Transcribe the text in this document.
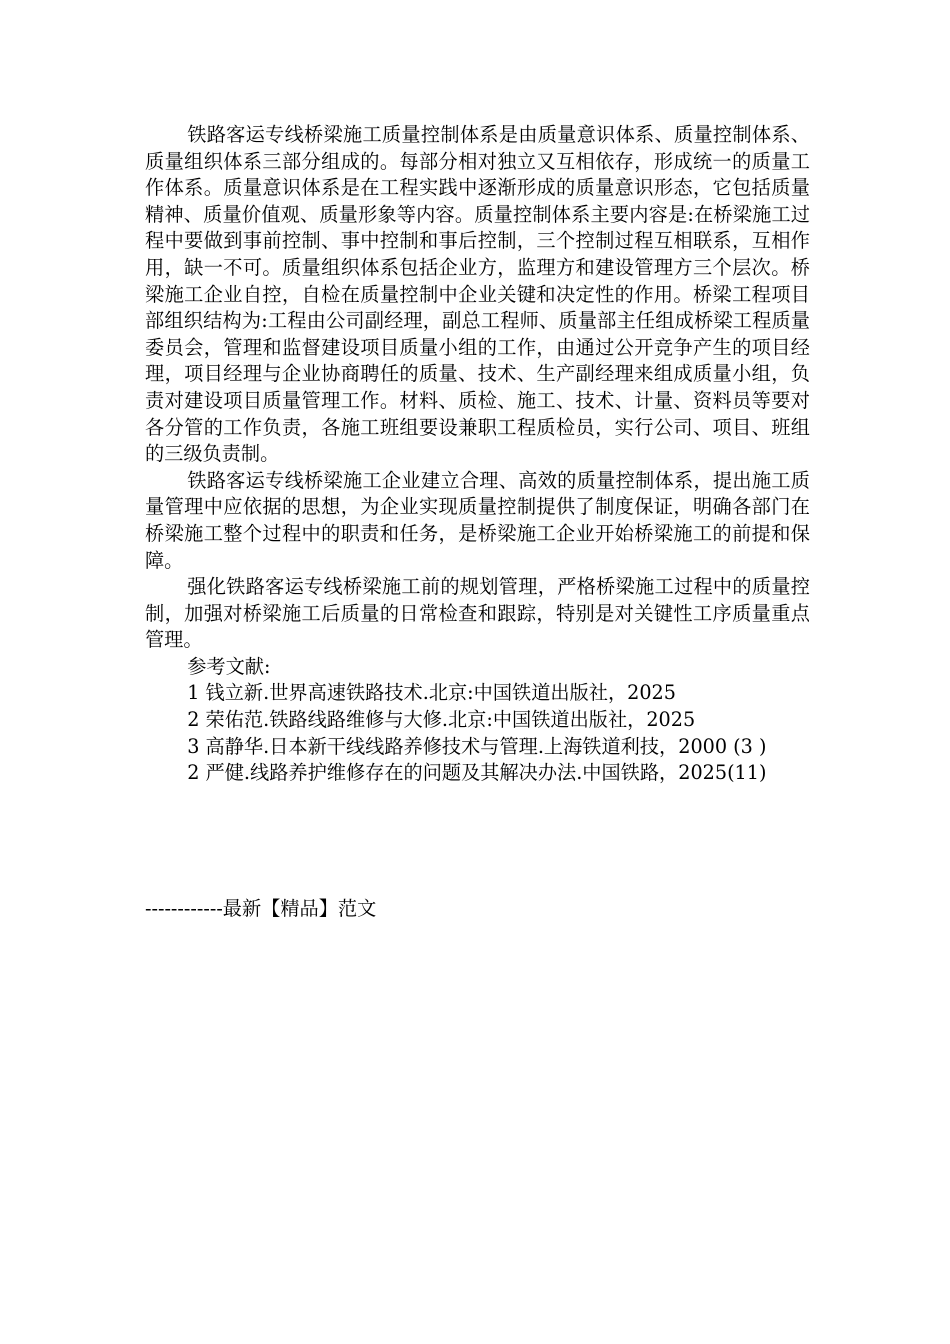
铁路客运专线桥梁施工质量控制体系是由质量意识体系、质量控制体系、质量组织体系三部分组成的。每部分相对独立又互相依存，形成统一的质量工作体系。质量意识体系是在工程实践中逐渐形成的质量意识形态，它包括质量精神、质量价值观、质量形象等内容。质量控制体系主要内容是:在桥梁施工过程中要做到事前控制、事中控制和事后控制，三个控制过程互相联系，互相作用，缺一不可。质量组织体系包括企业方，监理方和建设管理方三个层次。桥梁施工企业自控，自检在质量控制中企业关键和决定性的作用。桥梁工程项目部组织结构为:工程由公司副经理，副总工程师、质量部主任组成桥梁工程质量委员会，管理和监督建设项目质量小组的工作，由通过公开竞争产生的项目经理，项目经理与企业协商聘任的质量、技术、生产副经理来组成质量小组，负责对建设项目质量管理工作。材料、质检、施工、技术、计量、资料员等要对各分管的工作负责，各施工班组要设兼职工程质检员，实行公司、项目、班组的三级负责制。

铁路客运专线桥梁施工企业建立合理、高效的质量控制体系，提出施工质量管理中应依据的思想，为企业实现质量控制提供了制度保证，明确各部门在桥梁施工整个过程中的职责和任务，是桥梁施工企业开始桥梁施工的前提和保障。

强化铁路客运专线桥梁施工前的规划管理，严格桥梁施工过程中的质量控制，加强对桥梁施工后质量的日常检查和跟踪，特别是对关键性工序质量重点管理。

参考文献:

1 钱立新.世界高速铁路技术.北京:中国铁道出版社，2025

2 荣佑范.铁路线路维修与大修.北京:中国铁道出版社，2025

3 高静华.日本新干线线路养修技术与管理.上海铁道利技，2000 (3 )

2 严健.线路养护维修存在的问题及其解决办法.中国铁路，2025(11)

------------最新【精品】范文
